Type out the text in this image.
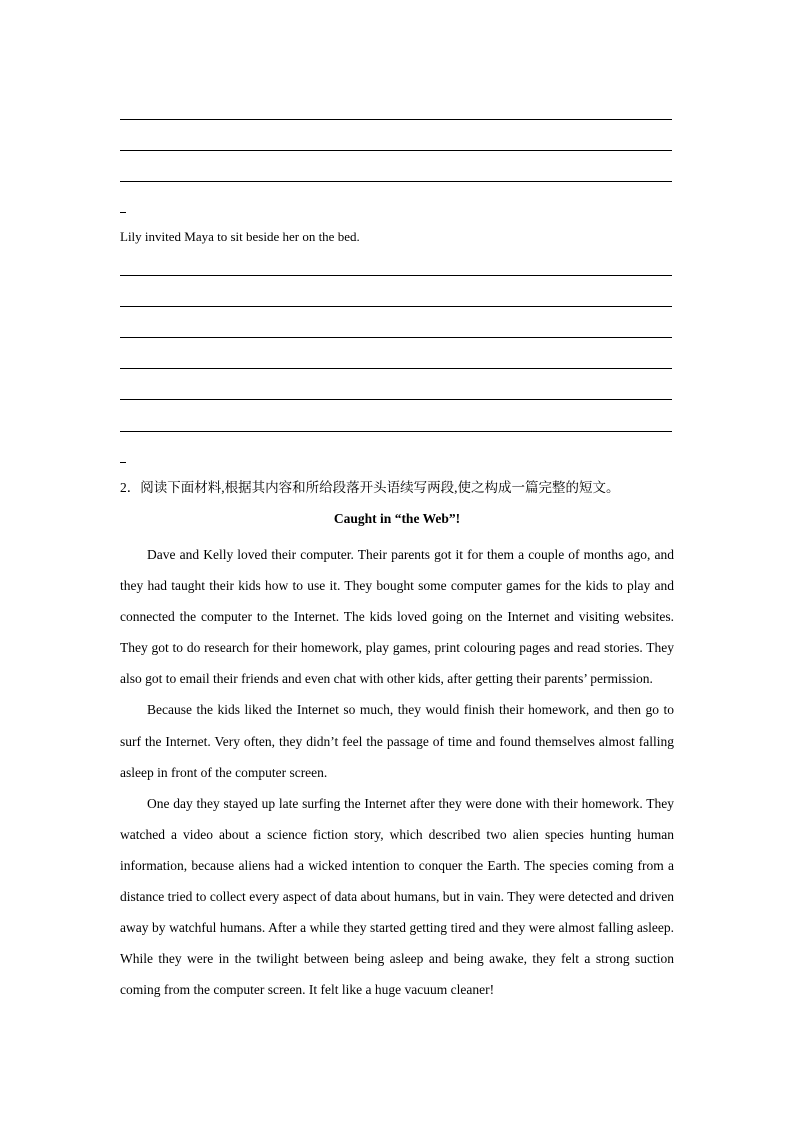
Lily invited Maya to sit beside her on the bed.
2．阅读下面材料,根据其内容和所给段落开头语续写两段,使之构成一篇完整的短文。
Caught in “the Web”!

Dave and Kelly loved their computer. Their parents got it for them a couple of months ago, and they had taught their kids how to use it. They bought some computer games for the kids to play and connected the computer to the Internet. The kids loved going on the Internet and visiting websites. They got to do research for their homework, play games, print colouring pages and read stories. They also got to email their friends and even chat with other kids, after getting their parents’ permission.

Because the kids liked the Internet so much, they would finish their homework, and then go to surf the Internet. Very often, they didn’t feel the passage of time and found themselves almost falling asleep in front of the computer screen.

One day they stayed up late surfing the Internet after they were done with their homework. They watched a video about a science fiction story, which described two alien species hunting human information, because aliens had a wicked intention to conquer the Earth. The species coming from a distance tried to collect every aspect of data about humans, but in vain. They were detected and driven away by watchful humans. After a while they started getting tired and they were almost falling asleep. While they were in the twilight between being asleep and being awake, they felt a strong suction coming from the computer screen. It felt like a huge vacuum cleaner!
